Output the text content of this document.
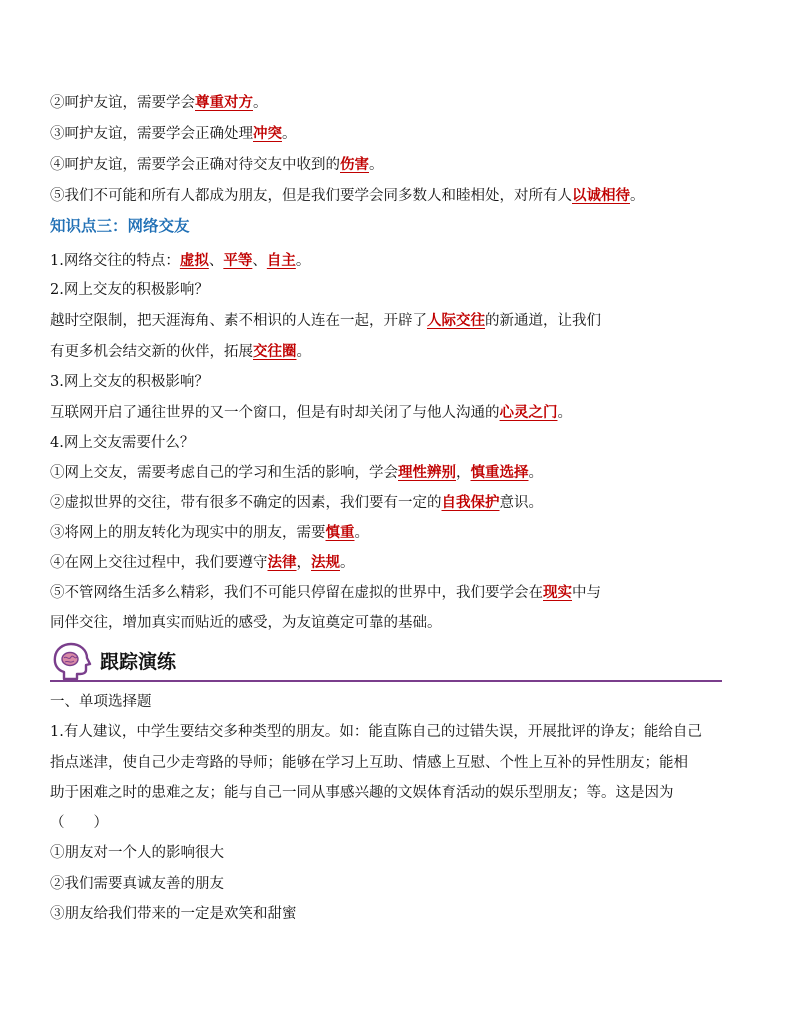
②呵护友谊，需要学会尊重对方。
③呵护友谊，需要学会正确处理冲突。
④呵护友谊，需要学会正确对待交友中收到的伤害。
⑤我们不可能和所有人都成为朋友，但是我们要学会同多数人和睦相处，对所有人以诚相待。
知识点三：网络交友
1.网络交往的特点：虚拟、平等、自主。
2.网上交友的积极影响？
越时空限制，把天涯海角、素不相识的人连在一起，开辟了人际交往的新通道，让我们
有更多机会结交新的伙伴，拓展交往圈。
3.网上交友的积极影响？
互联网开启了通往世界的又一个窗口，但是有时却关闭了与他人沟通的心灵之门。
4.网上交友需要什么？
①网上交友，需要考虑自己的学习和生活的影响，学会理性辨别，慎重选择。
②虚拟世界的交往，带有很多不确定的因素，我们要有一定的自我保护意识。
③将网上的朋友转化为现实中的朋友，需要慎重。
④在网上交往过程中，我们要遵守法律，法规。
⑤不管网络生活多么精彩，我们不可能只停留在虚拟的世界中，我们要学会在现实中与
同伴交往，增加真实而贴近的感受，为友谊奠定可靠的基础。
跟踪演练
一、单项选择题
1.有人建议，中学生要结交多种类型的朋友。如：能直陈自己的过错失误，开展批评的诤友；能给自己
指点迷津，使自己少走弯路的导师；能够在学习上互助、情感上互慰、个性上互补的异性朋友；能相
助于困难之时的患难之友；能与自己一同从事感兴趣的文娱体育活动的娱乐型朋友；等。这是因为
（　　）
①朋友对一个人的影响很大
②我们需要真诚友善的朋友
③朋友给我们带来的一定是欢笑和甜蜜
